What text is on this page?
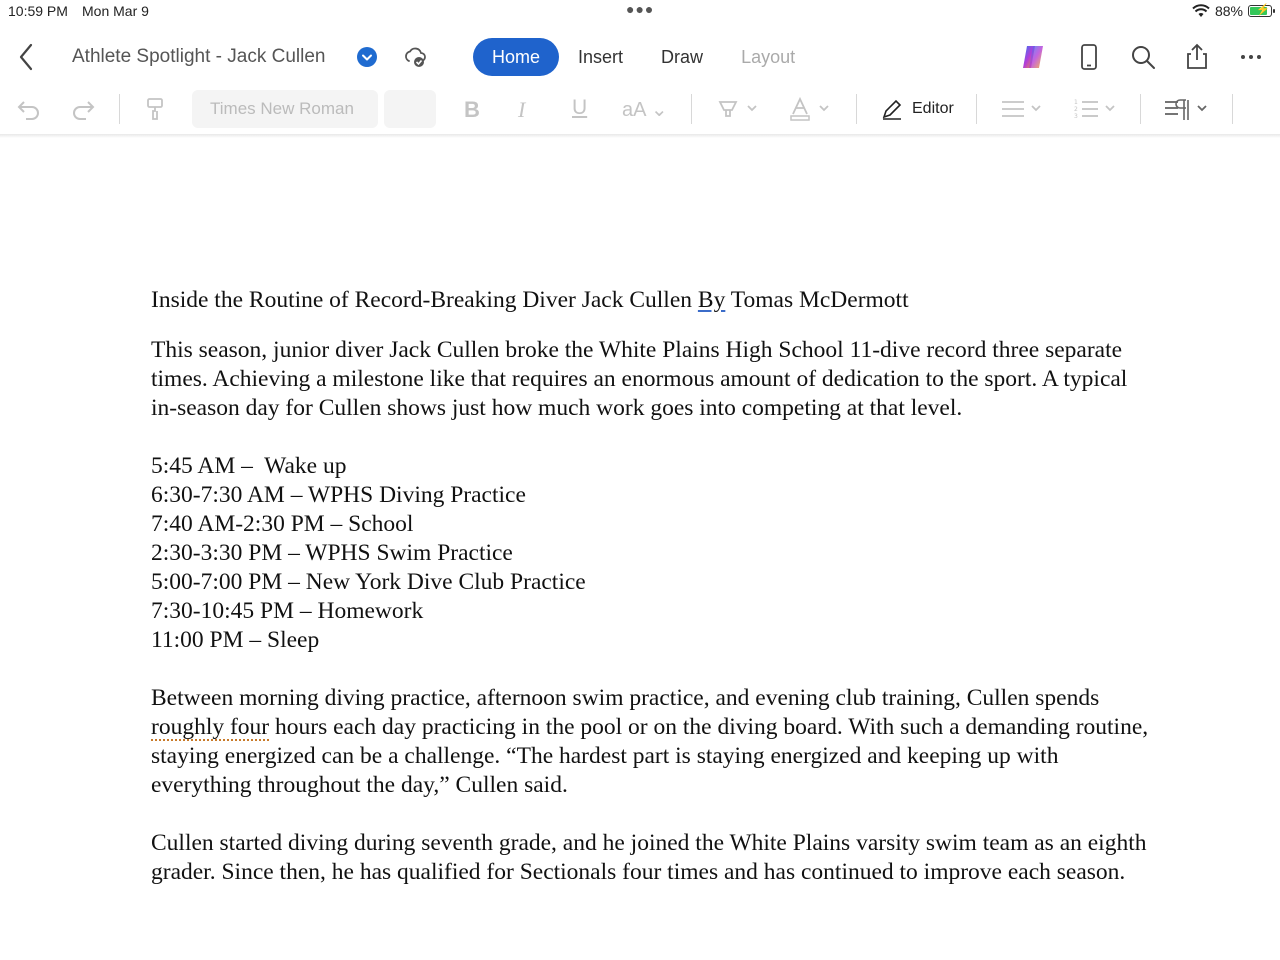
10:59 PM Mon Mar 9	●●●	88% ⚡
Athlete Spotlight - Jack Cullen	Home	Insert	Draw	Layout
Times New Roman	B I U aA ⌄	Editor	1
2
3

Inside the Routine of Record-Breaking Diver Jack Cullen By Tomas McDermott

This season, junior diver Jack Cullen broke the White Plains High School 11-dive record three separate times. Achieving a milestone like that requires an enormous amount of dedication to the sport. A typical in-season day for Cullen shows just how much work goes into competing at that level.

5:45 AM –  Wake up

6:30-7:30 AM – WPHS Diving Practice

7:40 AM-2:30 PM – School

2:30-3:30 PM – WPHS Swim Practice

5:00-7:00 PM – New York Dive Club Practice

7:30-10:45 PM – Homework

11:00 PM – Sleep

Between morning diving practice, afternoon swim practice, and evening club training, Cullen spends roughly four hours each day practicing in the pool or on the diving board. With such a demanding routine, staying energized can be a challenge. “The hardest part is staying energized and keeping up with everything throughout the day,” Cullen said.

Cullen started diving during seventh grade, and he joined the White Plains varsity swim team as an eighth grader. Since then, he has qualified for Sectionals four times and has continued to improve each season.
